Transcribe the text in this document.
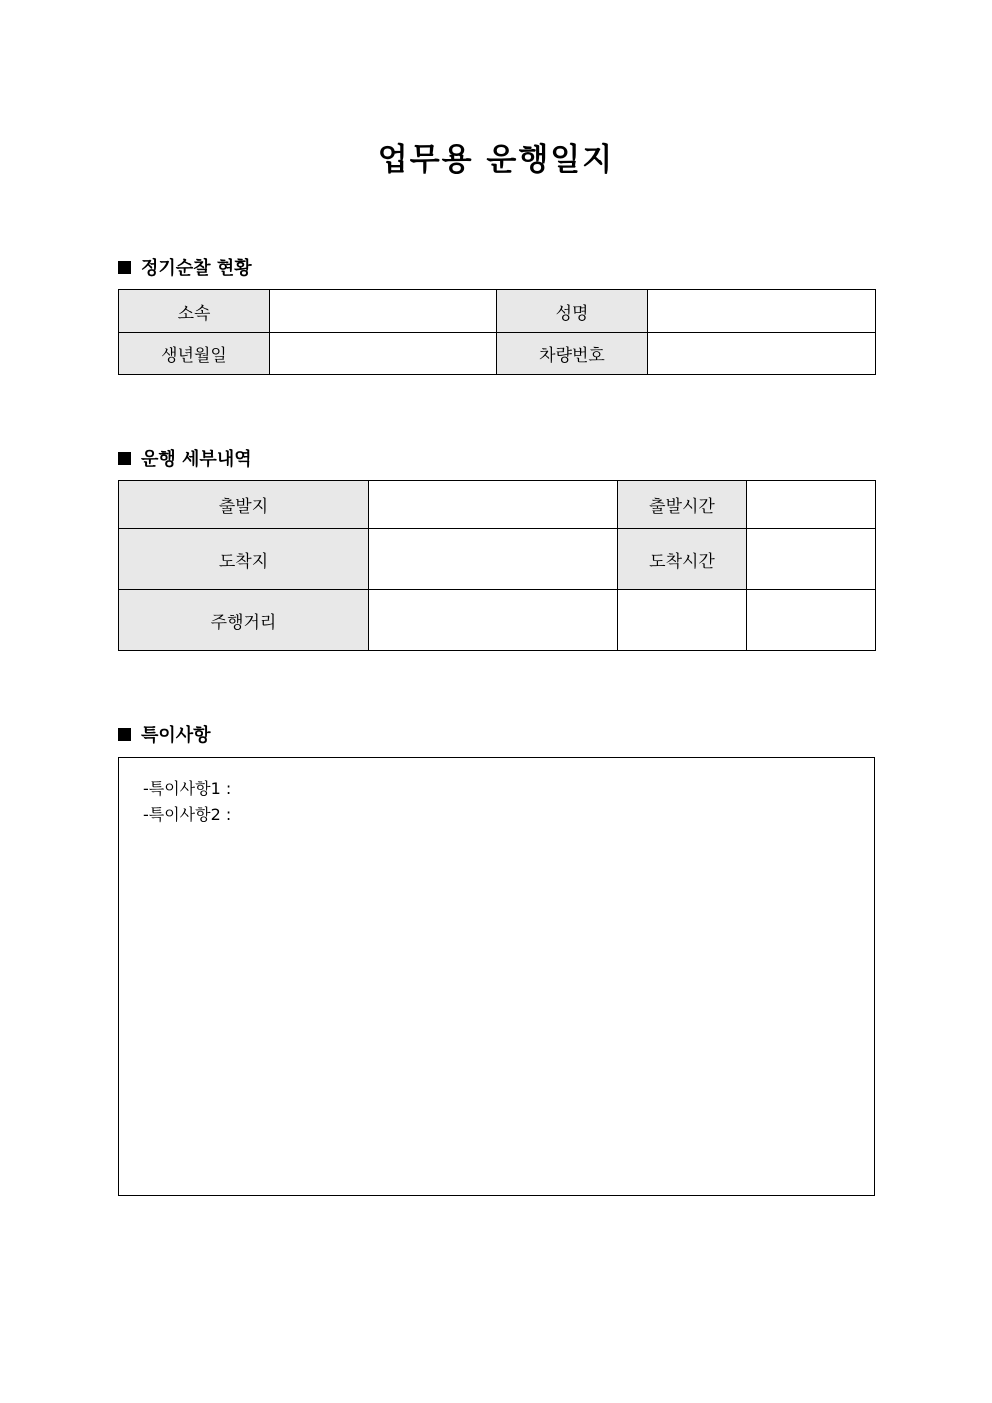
업무용 운행일지
정기순찰 현황
소속		성명	
생년월일		차량번호	
운행 세부내역
출발지		출발시간	
도착지		도착시간	
주행거리			
특이사항
-특이사항1 :
-특이사항2 :
